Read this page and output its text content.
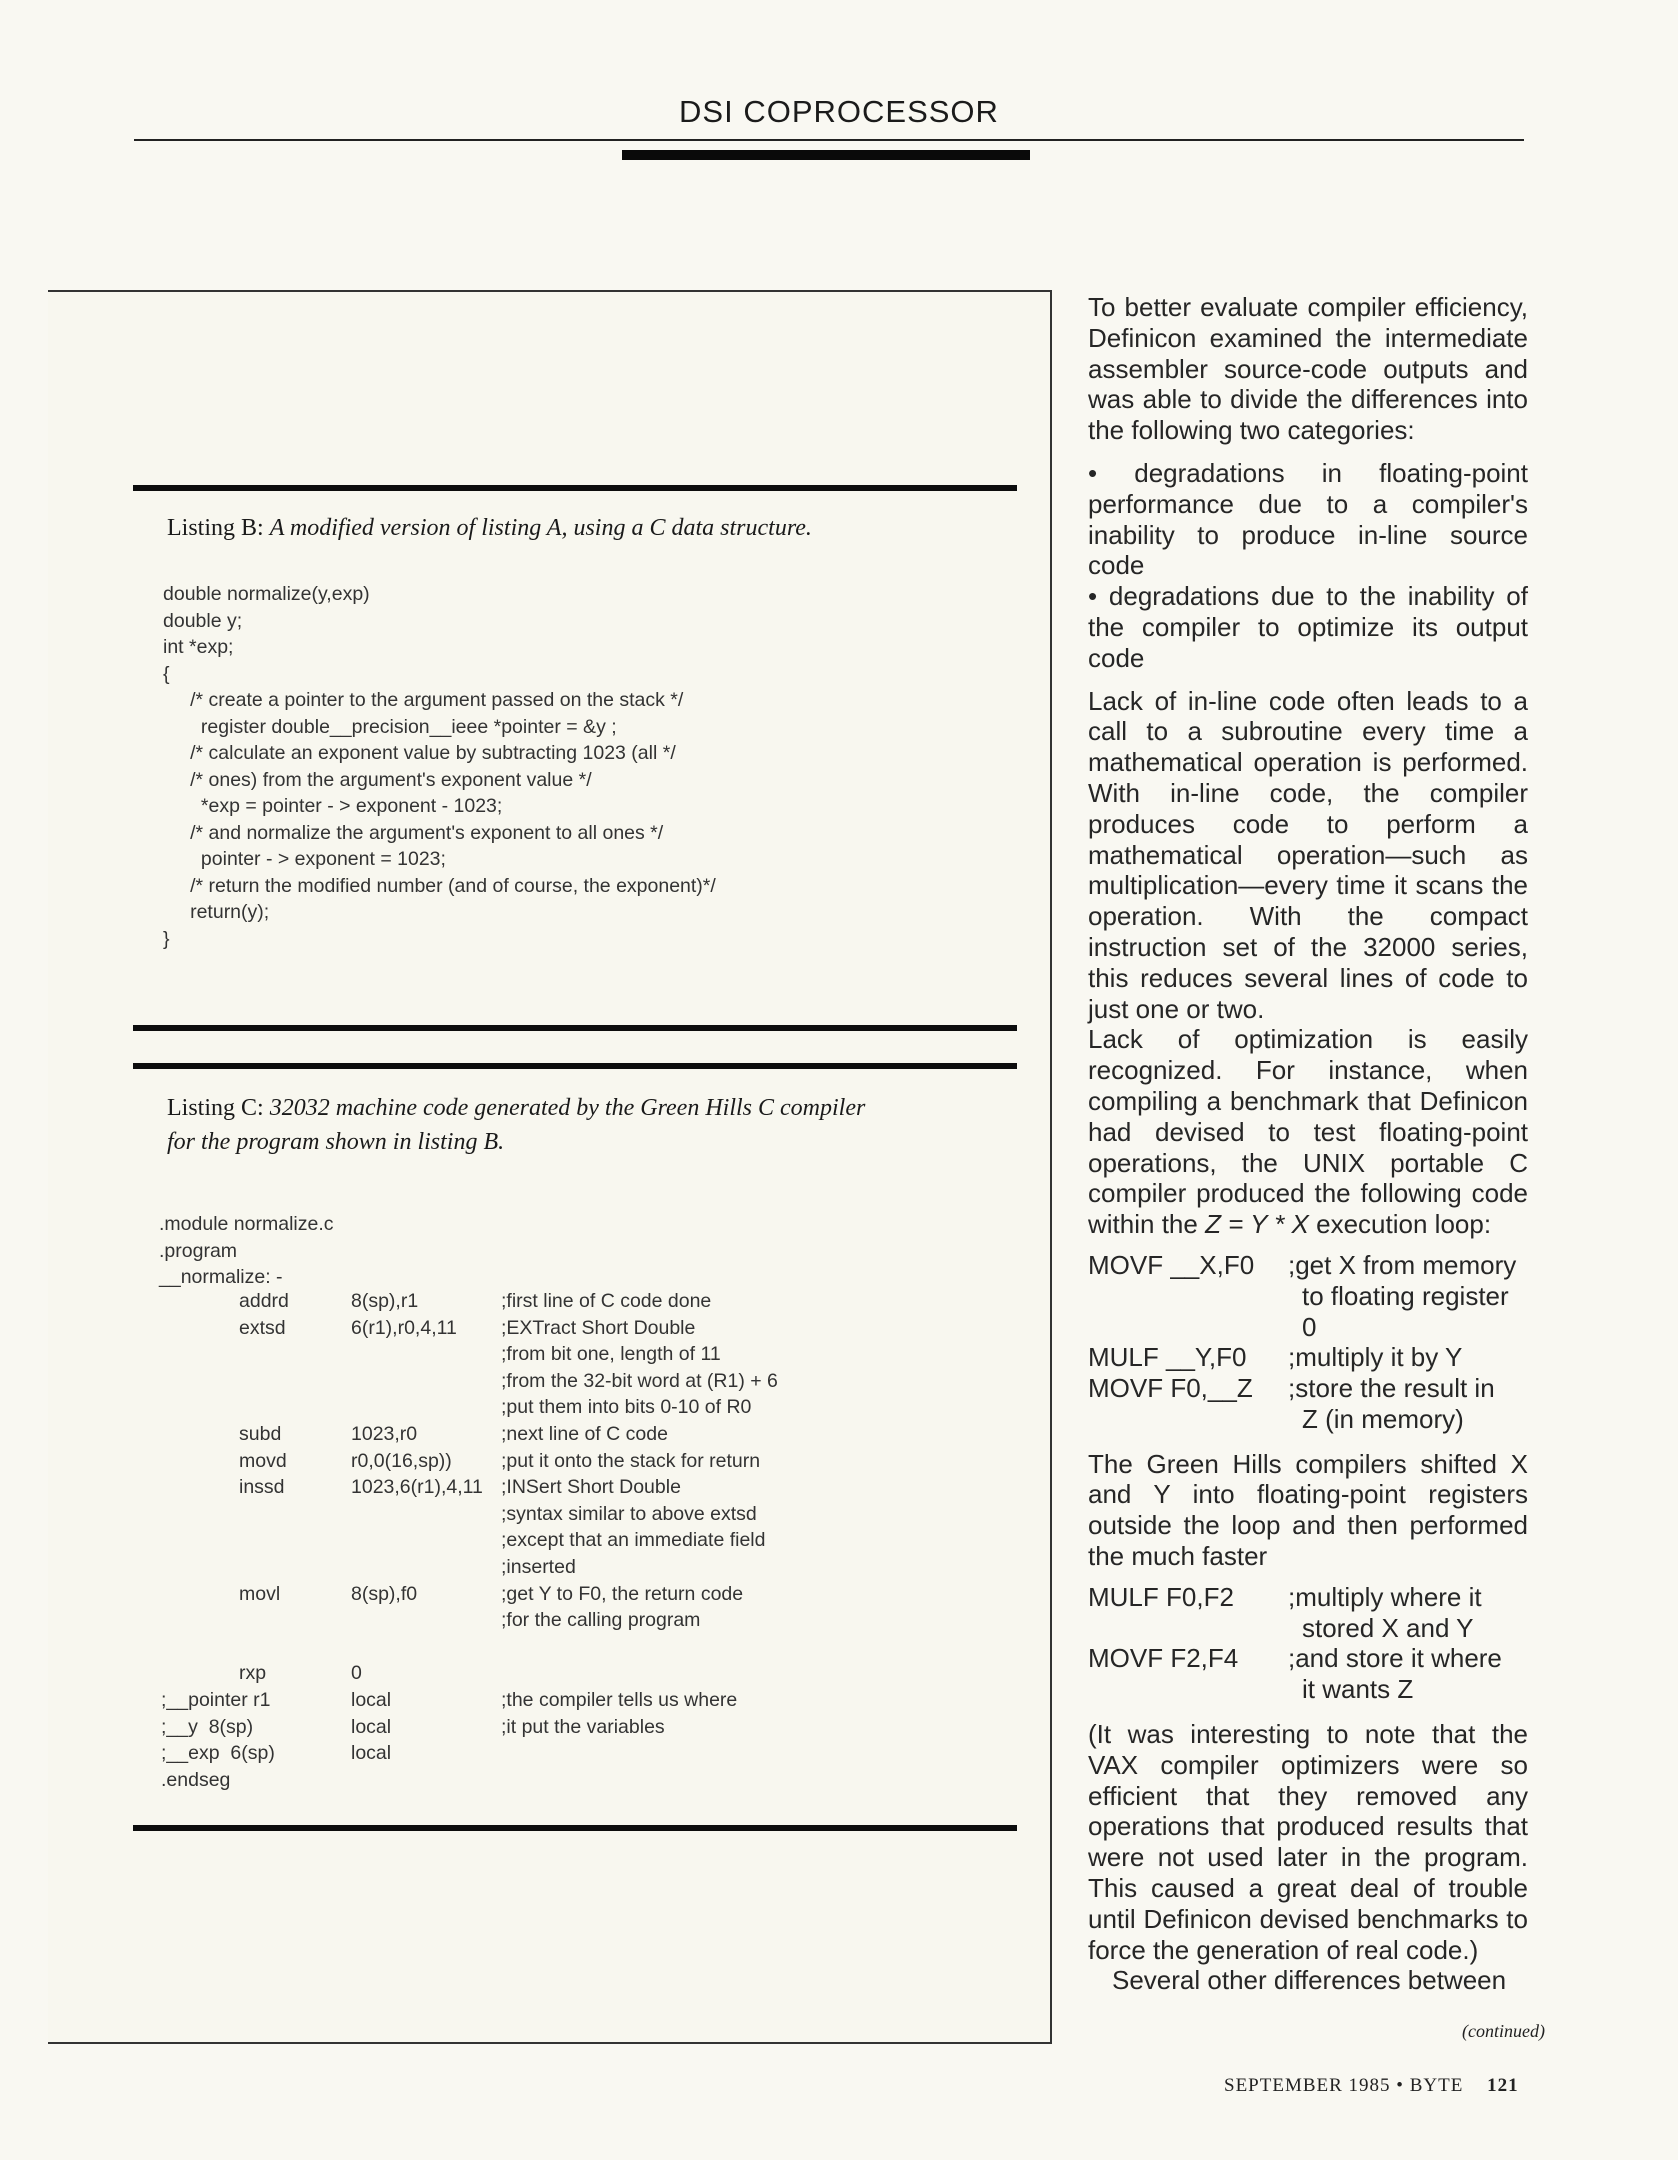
DSI COPROCESSOR
Listing B: A modified version of listing A, using a C data structure.
double normalize(y,exp)
double y;
int *exp;
{
/* create a pointer to the argument passed on the stack */
register double__precision__ieee *pointer = &y ;
/* calculate an exponent value by subtracting 1023 (all */
/* ones) from the argument's exponent value */
*exp = pointer - > exponent - 1023;
/* and normalize the argument's exponent to all ones */
pointer - > exponent = 1023;
/* return the modified number (and of course, the exponent)*/
return(y);
}
Listing C: 32032 machine code generated by the Green Hills C compiler
for the program shown in listing B.
.module normalize.c
.program
__normalize: -
addrd	8(sp),r1	;first line of C code done
extsd	6(r1),r0,4,11 ;EXTract Short Double
;from bit one, length of 11
;from the 32-bit word at (R1) + 6
;put them into bits 0-10 of R0
subd	1023,r0	;next line of C code
movd	r0,0(16,sp))	;put it onto the stack for return
inssd	1023,6(r1),4,11 ;INSert Short Double
;syntax similar to above extsd
;except that an immediate field
;inserted
movl	8(sp),f0	;get Y to F0, the return code
;for the calling program
rxp	0
;__pointer r1	local	;the compiler tells us where
;__y  8(sp)	local	;it put the variables
;__exp  6(sp)	local
.endseg

To better evaluate compiler efficiency, Definicon examined the intermediate assembler source-code outputs and was able to divide the differences into the following two categories:

• degradations in floating-point performance due to a compiler's inability to produce in-line source code

• degradations due to the inability of the compiler to optimize its output code

Lack of in-line code often leads to a call to a subroutine every time a mathematical operation is performed. With in-line code, the compiler produces code to perform a mathematical operation—such as multiplication—every time it scans the operation. With the compact instruction set of the 32000 series, this reduces several lines of code to just one or two.

Lack of optimization is easily recognized. For instance, when compiling a benchmark that Definicon had devised to test floating-point operations, the UNIX portable C compiler produced the following code within the Z = Y * X execution loop:

MOVF __X,F0 ;get X from memory
to floating register
0
MULF __Y,F0 ;multiply it by Y
MOVF F0,__Z ;store the result in
Z (in memory)

The Green Hills compilers shifted X and Y into floating-point registers outside the loop and then performed the much faster

MULF F0,F2 ;multiply where it
stored X and Y
MOVF F2,F4 ;and store it where
it wants Z

(It was interesting to note that the VAX compiler optimizers were so efficient that they removed any operations that produced results that were not used later in the program. This caused a great deal of trouble until Definicon devised benchmarks to force the generation of real code.)

Several other differences between

(continued)
SEPTEMBER 1985 • BYTE 121
